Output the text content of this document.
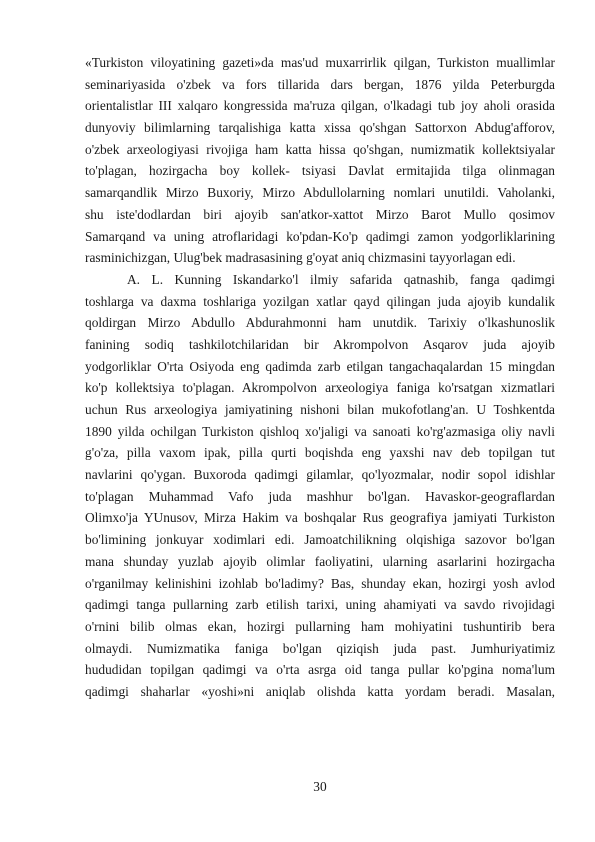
«Turkiston viloyatining gazeti»da mas'ud muxarrirlik qilgan, Turkiston muallimlar
seminariyasida o'zbek va fors tillarida dars bergan, 1876 yilda Peterburgda
orientalistlar III xalqaro kongressida ma'ruza qilgan, o'lkadagi tub joy aholi orasida
dunyoviy bilimlarning tarqalishiga katta xissa qo'shgan Sattorxon Abdug'afforov,
o'zbek arxeologiyasi rivojiga ham katta hissa qo'shgan, numizmatik kollektsiyalar
to'plagan, hozirgacha boy kollek- tsiyasi Davlat ermitajida tilga olinmagan
samarqandlik Mirzo Buxoriy, Mirzo Abdullolarning nomlari unutildi. Vaholanki,
shu iste'dodlardan biri ajoyib san'atkor-xattot Mirzo Barot Mullo qosimov
Samarqand va uning atroflaridagi ko'pdan-Ko'p qadimgi zamon yodgorliklarining
rasminichizgan, Ulug'bek madrasasining g'oyat aniq chizmasini tayyorlagan edi.
A. L. Kunning Iskandarko'l ilmiy safarida qatnashib, fanga qadimgi
toshlarga va daxma toshlariga yozilgan xatlar qayd qilingan juda ajoyib kundalik
qoldirgan Mirzo Abdullo Abdurahmonni ham unutdik. Tarixiy o'lkashunoslik
fanining sodiq tashkilotchilaridan bir Akrompolvon Asqarov juda ajoyib
yodgorliklar O'rta Osiyoda eng qadimda zarb etilgan tangachaqalardan 15 mingdan
ko'p kollektsiya to'plagan. Akrompolvon arxeologiya faniga ko'rsatgan xizmatlari
uchun Rus arxeologiya jamiyatining nishoni bilan mukofotlang'an. U Toshkentda
1890 yilda ochilgan Turkiston qishloq xo'jaligi va sanoati ko'rg'azmasiga oliy navli
g'o'za, pilla vaxom ipak, pilla qurti boqishda eng yaxshi nav deb topilgan tut
navlarini qo'ygan. Buxoroda qadimgi gilamlar, qo'lyozmalar, nodir sopol idishlar
to'plagan Muhammad Vafo juda mashhur bo'lgan. Havaskor-geograflardan
Olimxo'ja YUnusov, Mirza Hakim va boshqalar Rus geografiya jamiyati Turkiston
bo'limining jonkuyar xodimlari edi. Jamoatchilikning olqishiga sazovor bo'lgan
mana shunday yuzlab ajoyib olimlar faoliyatini, ularning asarlarini hozirgacha
o'rganilmay kelinishini izohlab bo'ladimy? Bas, shunday ekan, hozirgi yosh avlod
qadimgi tanga pullarning zarb etilish tarixi, uning ahamiyati va savdo rivojidagi
o'rnini bilib olmas ekan, hozirgi pullarning ham mohiyatini tushuntirib bera
olmaydi. Numizmatika faniga bo'lgan qiziqish juda past. Jumhuriyatimiz
hududidan topilgan qadimgi va o'rta asrga oid tanga pullar ko'pgina noma'lum
qadimgi shaharlar «yoshi»ni aniqlab olishda katta yordam beradi. Masalan,
30
